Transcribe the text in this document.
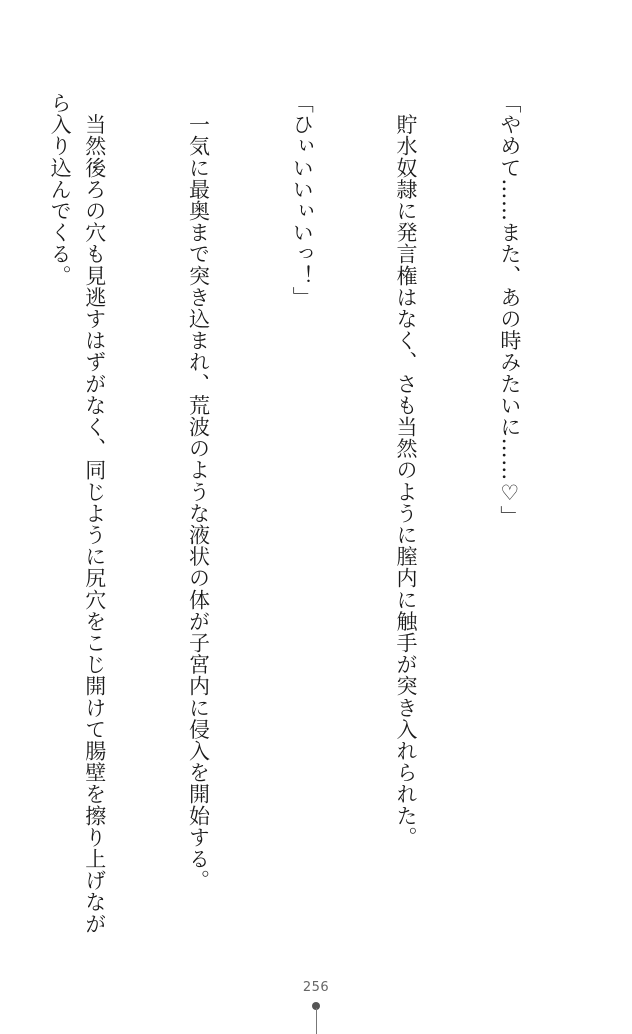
「やめて……また、あの時みたいに……♡」

　貯水奴隷に発言権はなく、さも当然のように膣内に触手が突き入れられた。

「ひぃいいぃいっ！」

　一気に最奥まで突き込まれ、荒波のような液状の体が子宮内に侵入を開始する。

　当然後ろの穴も見逃すはずがなく、同じように尻穴をこじ開けて腸壁を擦り上げながら入り込んでくる。

256
